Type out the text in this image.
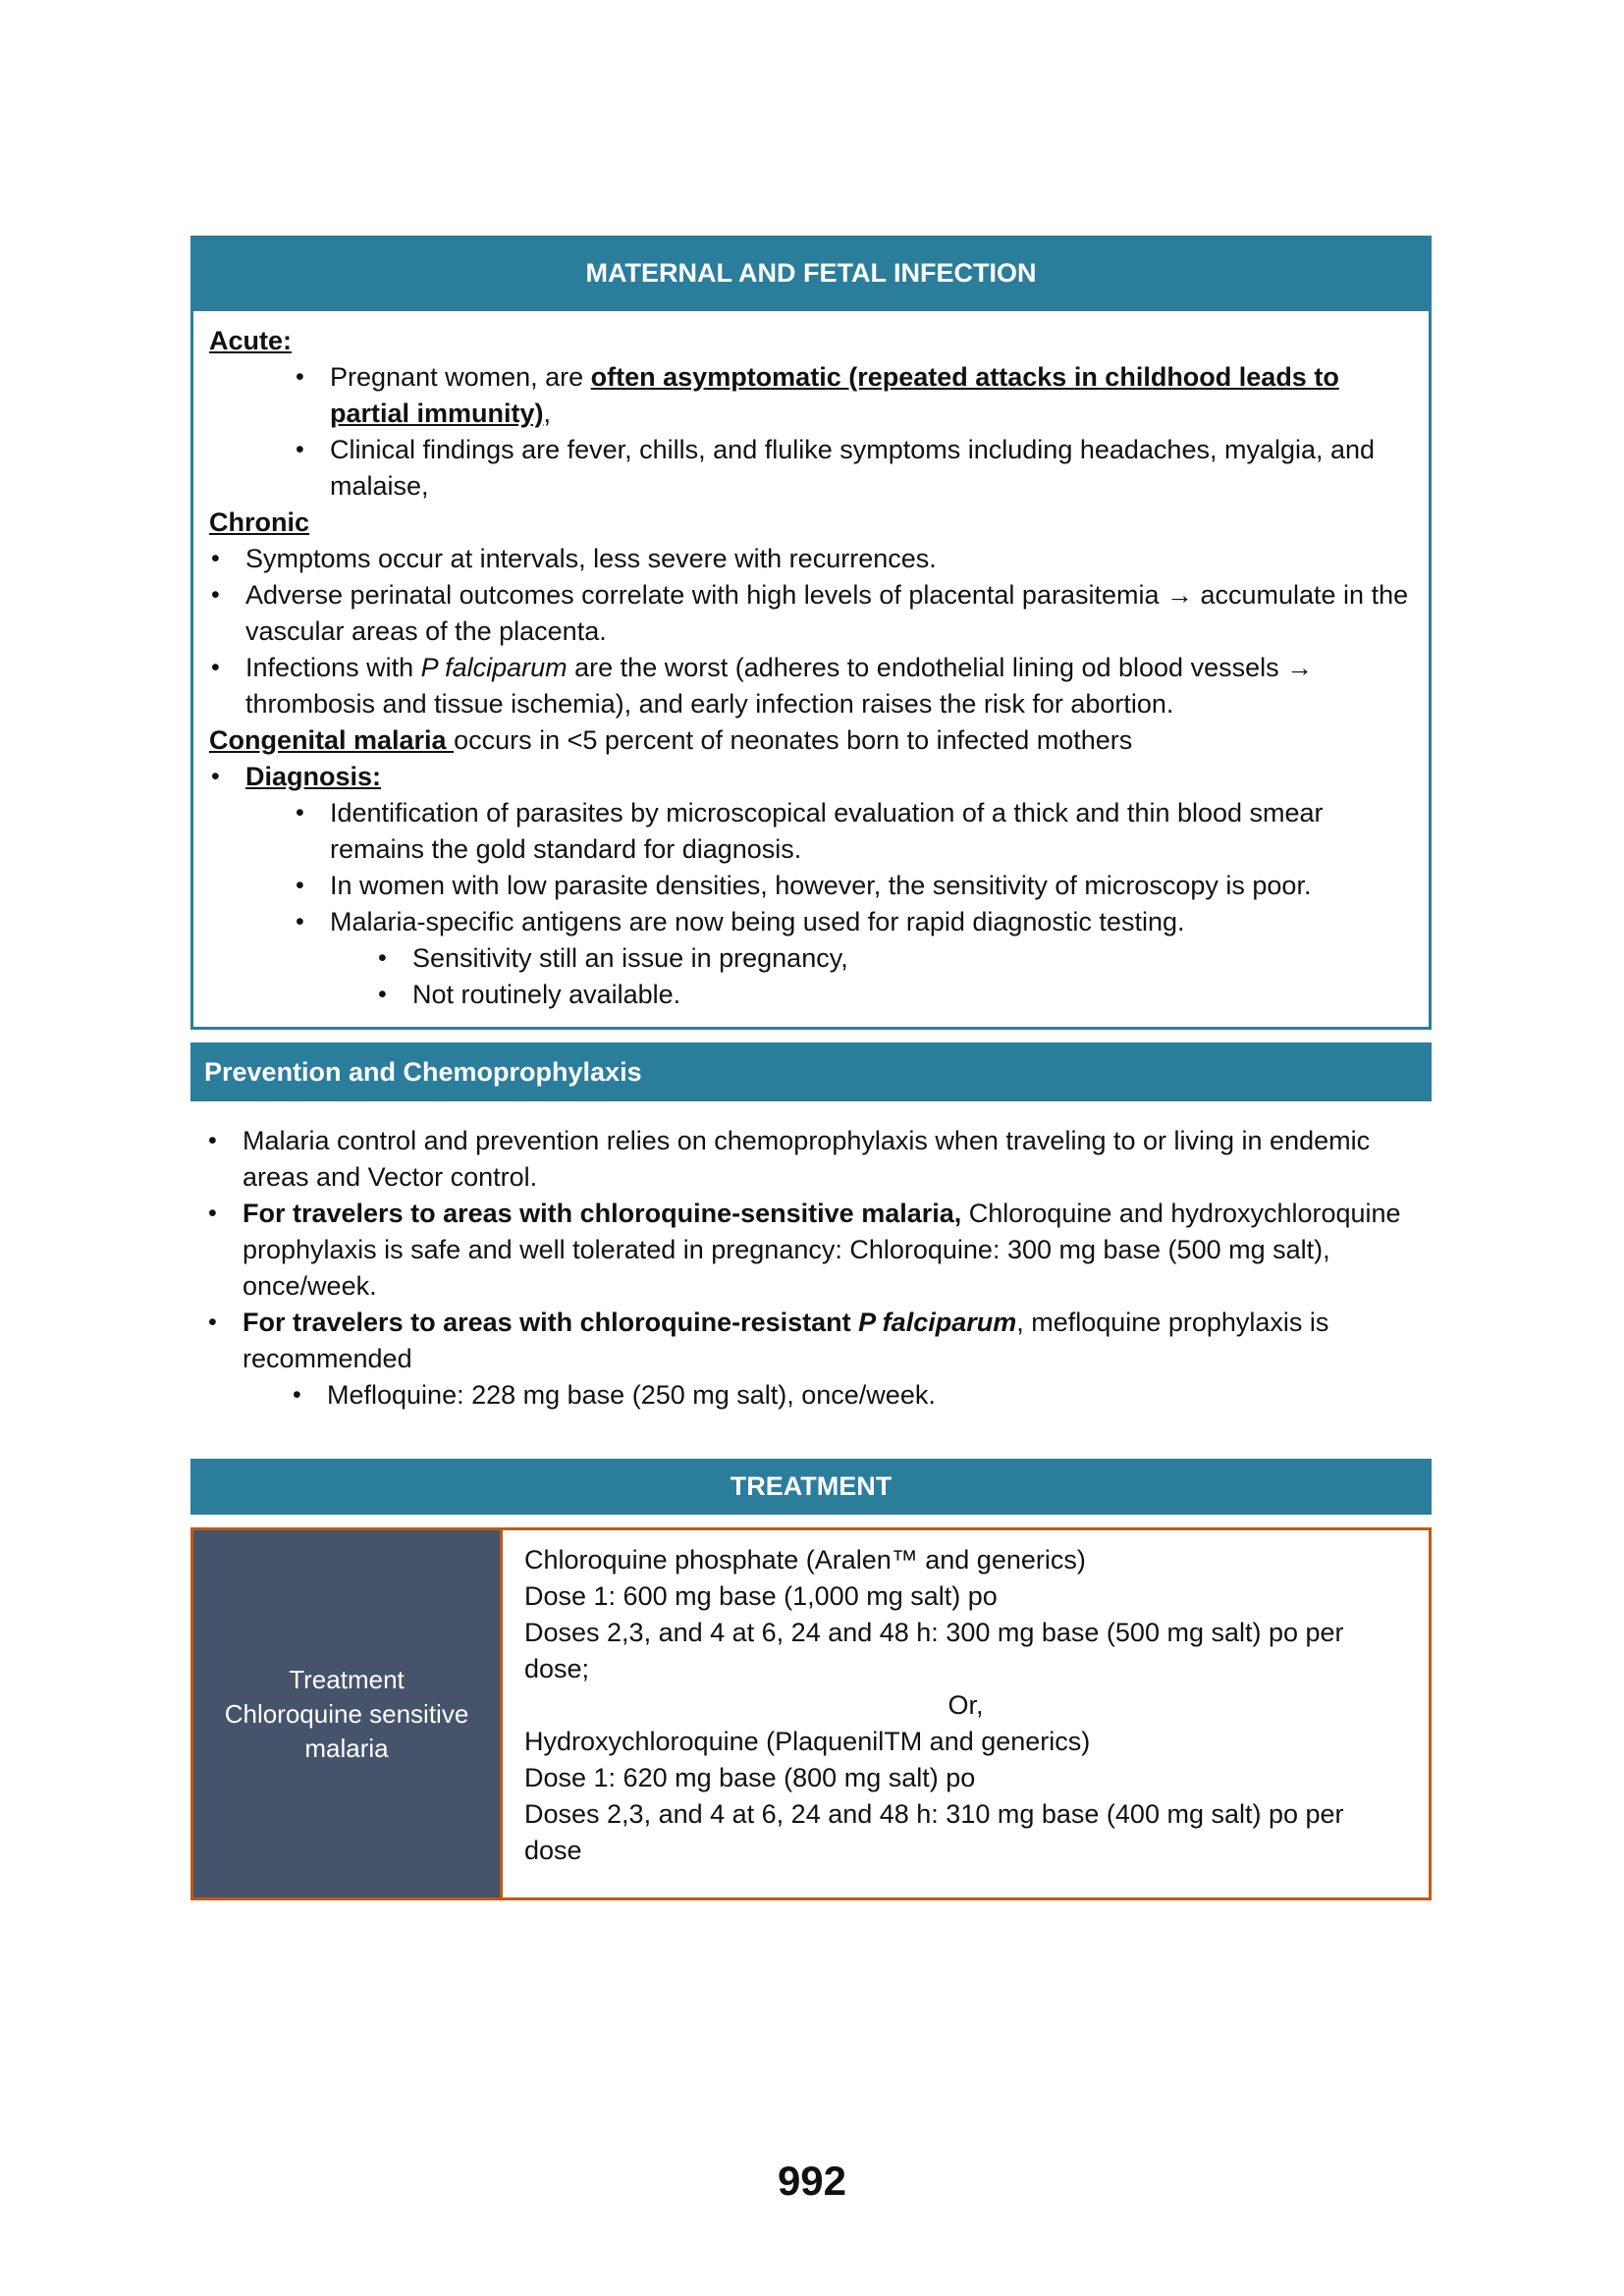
MATERNAL AND FETAL INFECTION
Acute:
• Pregnant women, are often asymptomatic (repeated attacks in childhood leads to partial immunity),
• Clinical findings are fever, chills, and flulike symptoms including headaches, myalgia, and malaise,
Chronic
• Symptoms occur at intervals, less severe with recurrences.
• Adverse perinatal outcomes correlate with high levels of placental parasitemia → accumulate in the vascular areas of the placenta.
• Infections with P falciparum are the worst (adheres to endothelial lining od blood vessels → thrombosis and tissue ischemia), and early infection raises the risk for abortion.
Congenital malaria occurs in <5 percent of neonates born to infected mothers
• Diagnosis:
• Identification of parasites by microscopical evaluation of a thick and thin blood smear remains the gold standard for diagnosis.
• In women with low parasite densities, however, the sensitivity of microscopy is poor.
• Malaria-specific antigens are now being used for rapid diagnostic testing.
• Sensitivity still an issue in pregnancy,
• Not routinely available.
Prevention and Chemoprophylaxis
• Malaria control and prevention relies on chemoprophylaxis when traveling to or living in endemic areas and Vector control.
• For travelers to areas with chloroquine-sensitive malaria, Chloroquine and hydroxychloroquine prophylaxis is safe and well tolerated in pregnancy: Chloroquine: 300 mg base (500 mg salt), once/week.
• For travelers to areas with chloroquine-resistant P falciparum, mefloquine prophylaxis is recommended
• Mefloquine: 228 mg base (250 mg salt), once/week.
TREATMENT
Treatment
Chloroquine sensitive malaria
Chloroquine phosphate (Aralen™ and generics)
Dose 1: 600 mg base (1,000 mg salt) po
Doses 2,3, and 4 at 6, 24 and 48 h: 300 mg base (500 mg salt) po per dose;
Or,
Hydroxychloroquine (PlaquenilTM and generics)
Dose 1: 620 mg base (800 mg salt) po
Doses 2,3, and 4 at 6, 24 and 48 h: 310 mg base (400 mg salt) po per dose
992
